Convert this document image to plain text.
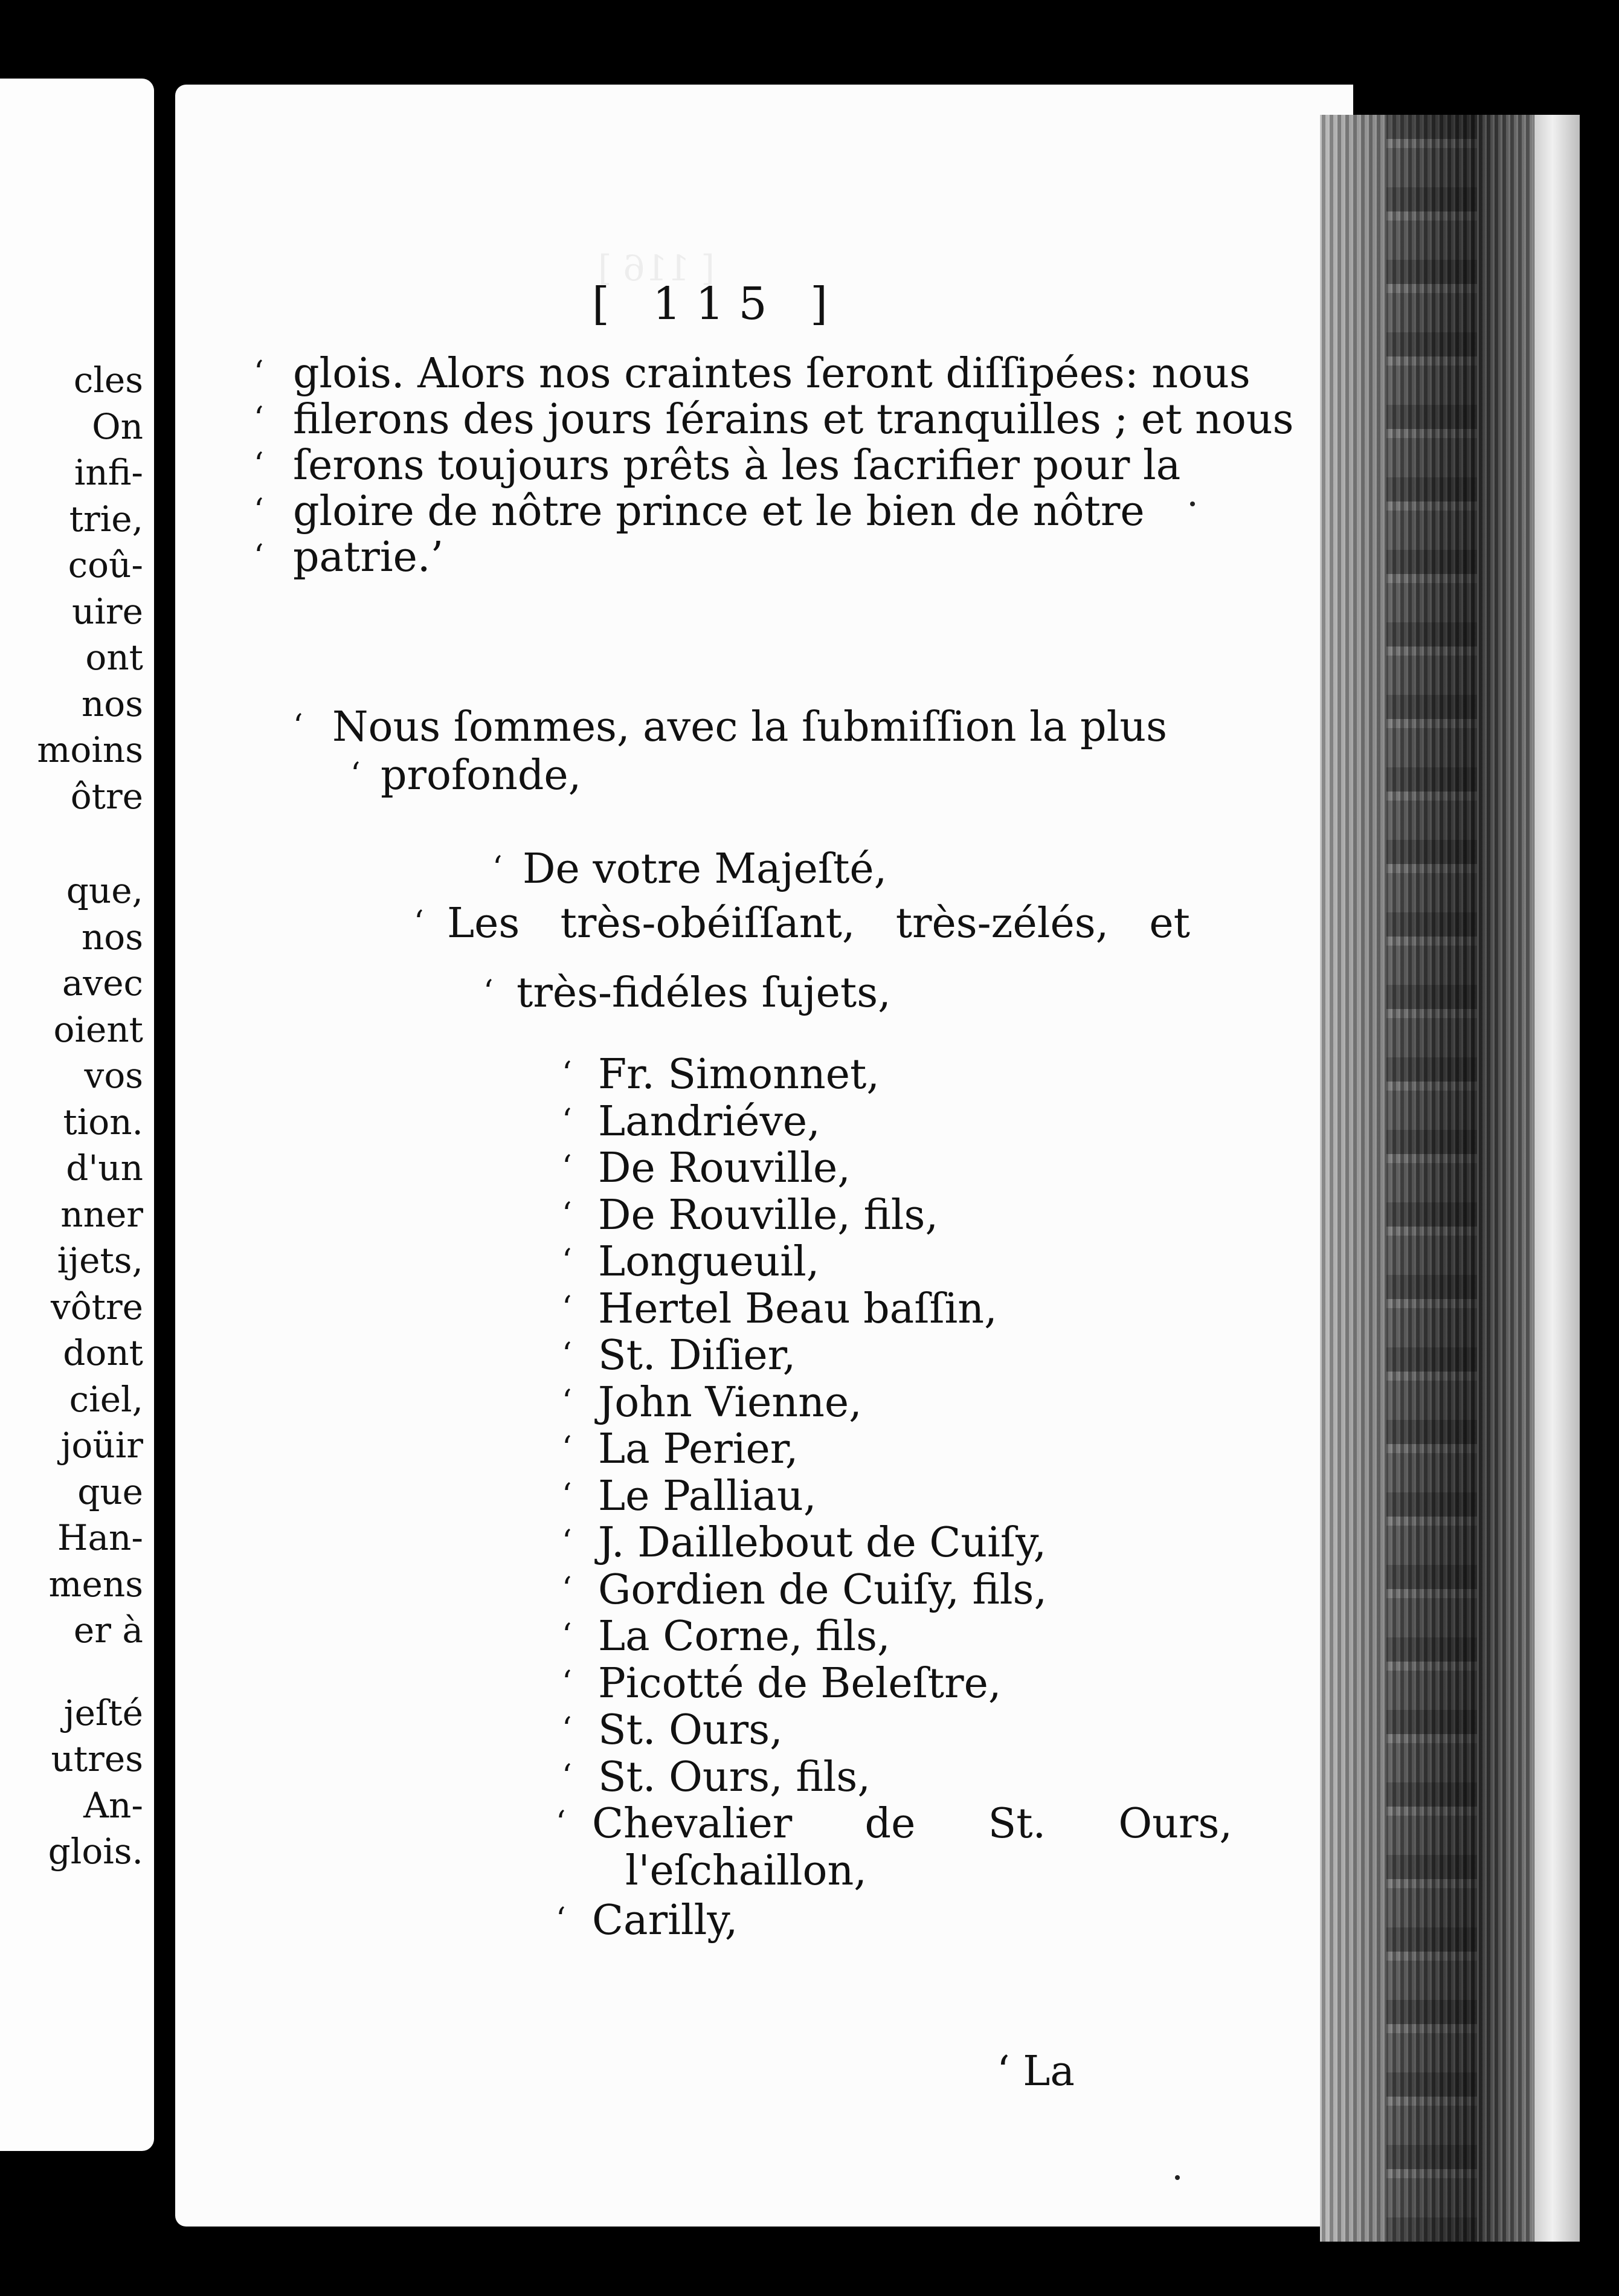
cles
On
infi-
trie,
coû-
uire
ont
nos
moins
ôtre
que,
nos
avec
oient
vos
tion.
d'un
nner
ijets,
vôtre
dont
ciel,
joüir
que
Han-
mens
er à
jeſté
utres
An-
glois.
[ 116 ]
[ 115 ]
‘ glois. Alors nos craintes ſeront diſſipées: nous
‘ filerons des jours ſérains et tranquilles ; et nous
‘ ſerons toujours prêts à les ſacrifier pour la
‘ gloire de nôtre prince et le bien de nôtre
‘ patrie.’
‘ Nous ſommes, avec la ſubmiſſion la plus
‘ profonde,
‘ De votre Majeſté,
‘ Les très-obéiſſant, très-zélés, et
‘ très-fidéles ſujets,
‘ Fr. Simonnet,
‘ Landriéve,
‘ De Rouville,
‘ De Rouville, fils,
‘ Longueuil,
‘ Hertel Beau baſſin,
‘ St. Diſier,
‘ John Vienne,
‘ La Perier,
‘ Le Palliau,
‘ J. Daillebout de Cuiſy,
‘ Gordien de Cuiſy, fils,
‘ La Corne, fils,
‘ Picotté de Beleſtre,
‘ St. Ours,
‘ St. Ours, fils,
‘ Chevalier de St. Ours,
l'eſchaillon,
‘ Carilly,
‘ La
